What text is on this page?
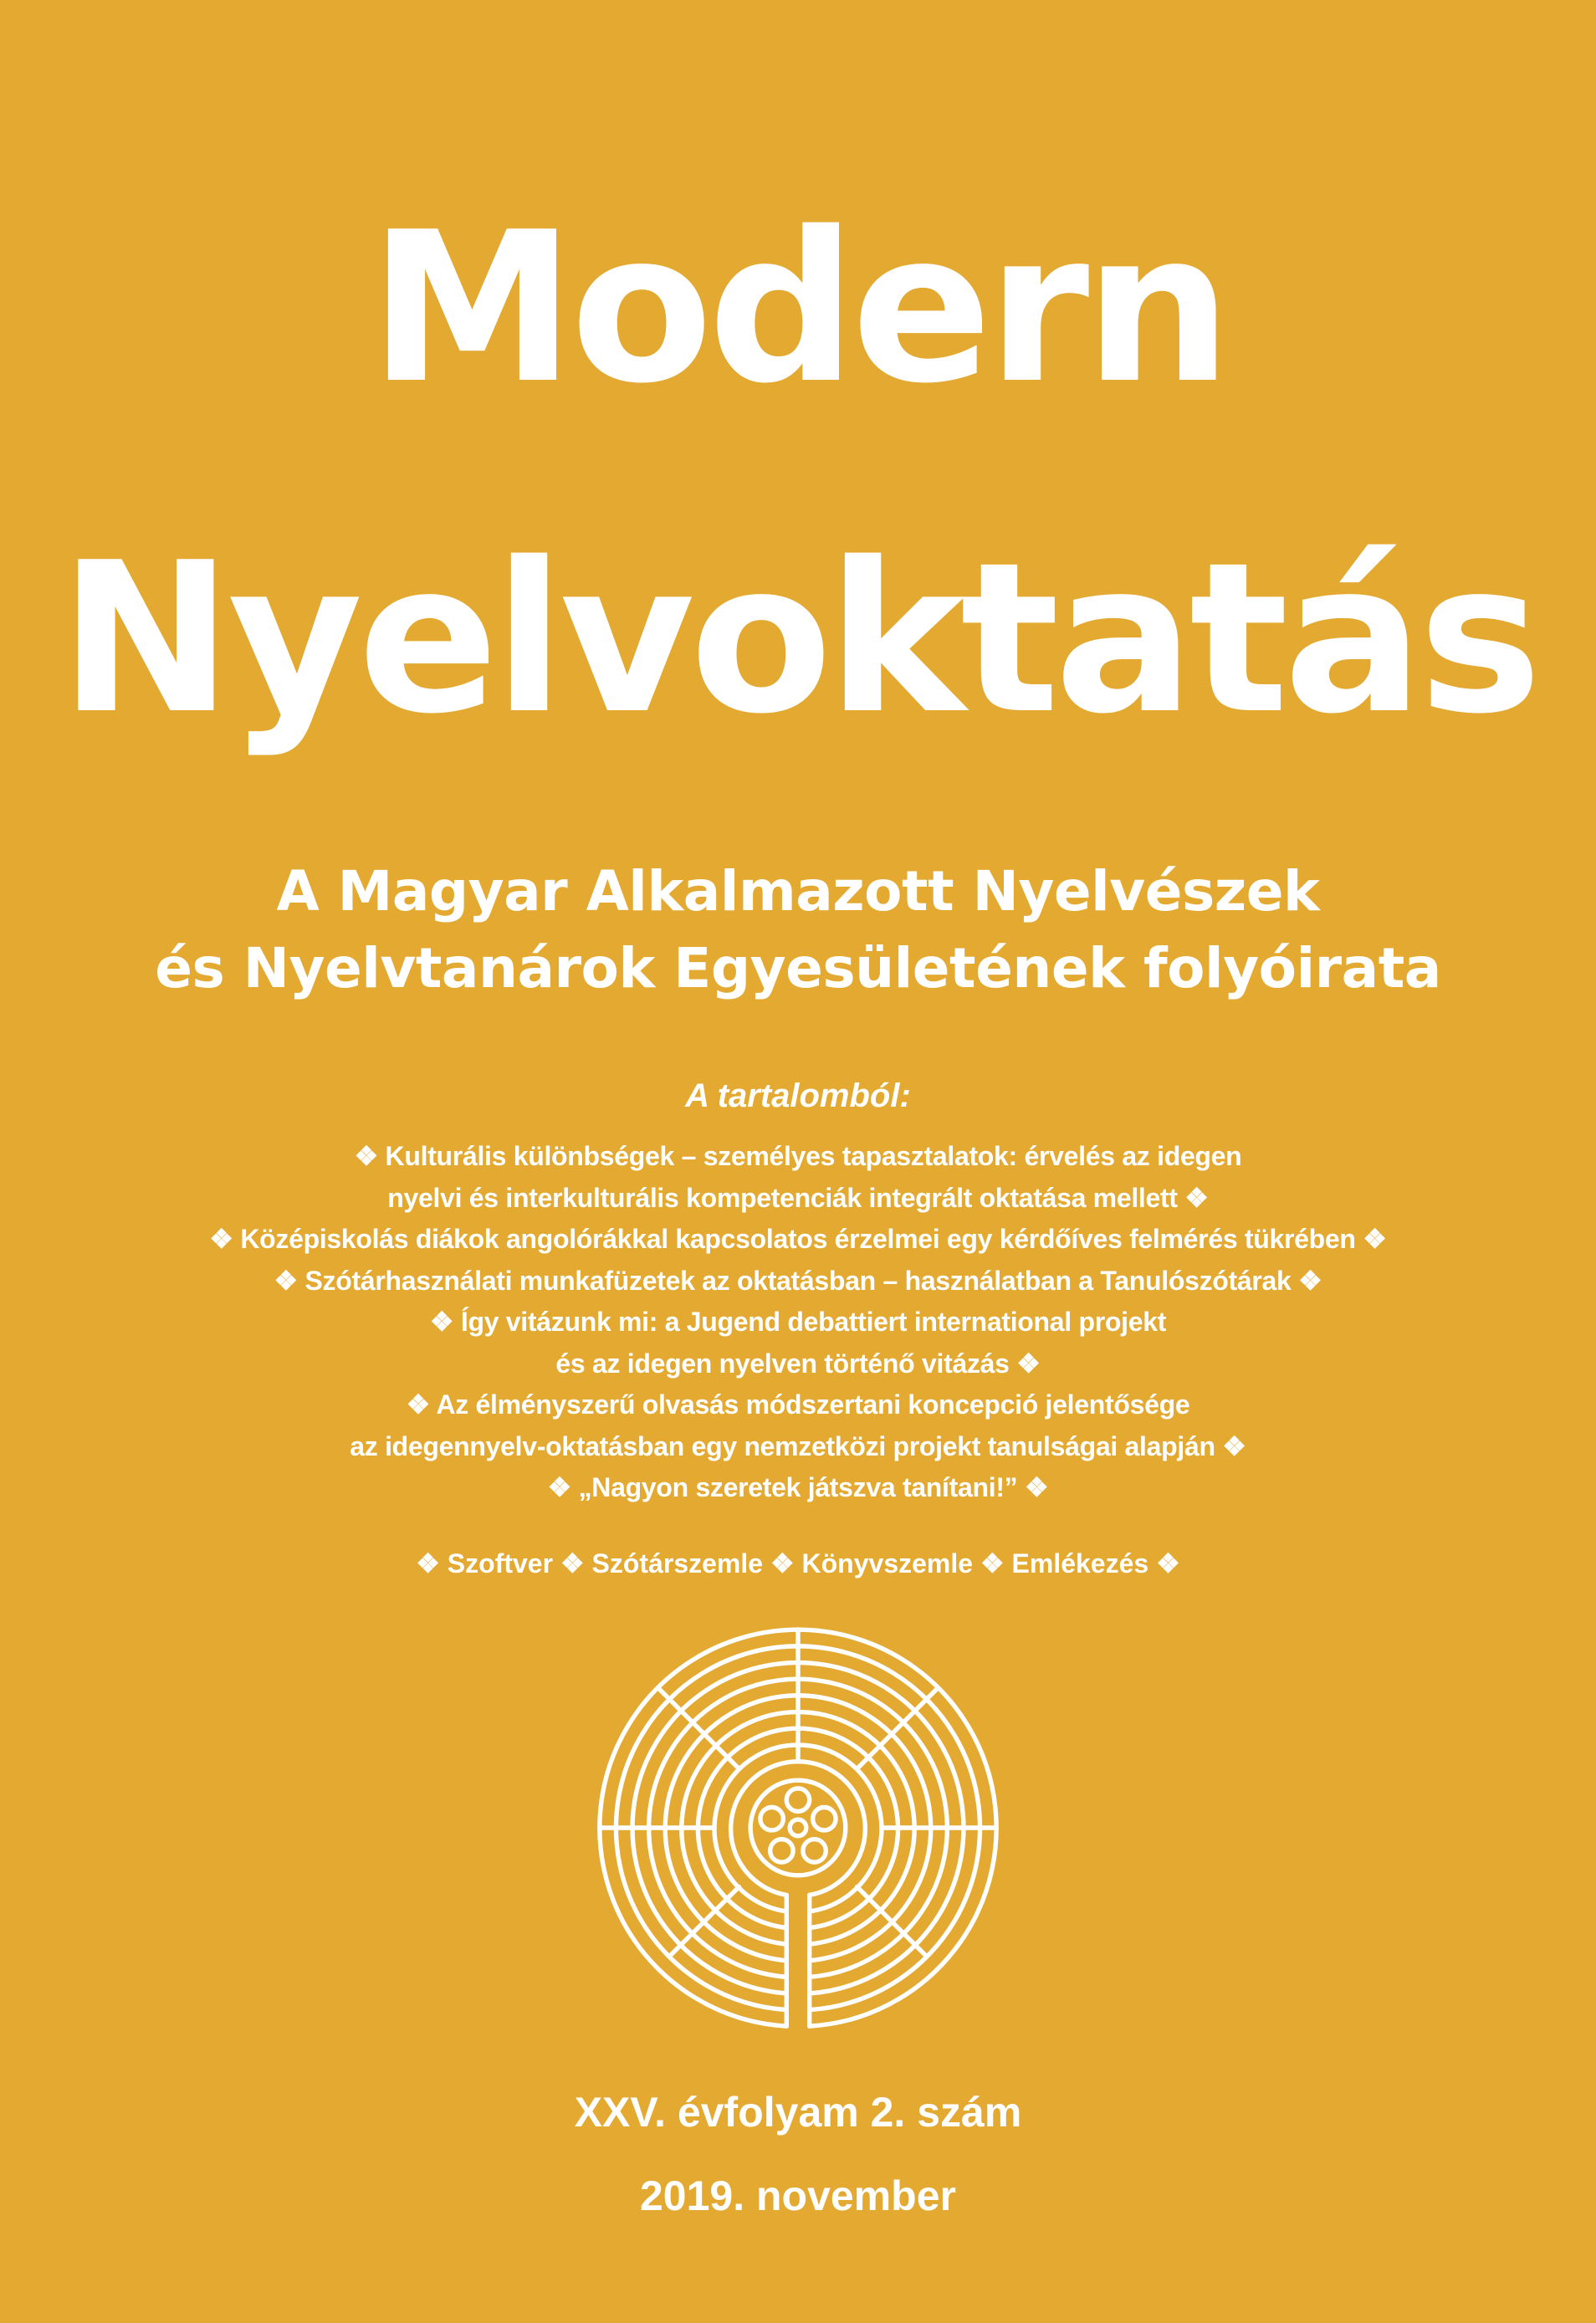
Modern
Nyelvoktatás
A Magyar Alkalmazott Nyelvészek
és Nyelvtanárok Egyesületének folyóirata
A tartalomból:
❖ Kulturális különbségek – személyes tapasztalatok: érvelés az idegen
nyelvi és interkulturális kompetenciák integrált oktatása mellett ❖
❖ Középiskolás diákok angolórákkal kapcsolatos érzelmei egy kérdőíves felmérés tükrében ❖
❖ Szótárhasználati munkafüzetek az oktatásban – használatban a Tanulószótárak ❖
❖ Így vitázunk mi: a Jugend debattiert international projekt
és az idegen nyelven történő vitázás ❖
❖ Az élményszerű olvasás módszertani koncepció jelentősége
az idegennyelv-oktatásban egy nemzetközi projekt tanulságai alapján ❖
❖ „Nagyon szeretek játszva tanítani!” ❖
❖ Szoftver ❖ Szótárszemle ❖ Könyvszemle ❖ Emlékezés ❖
XXV. évfolyam 2. szám
2019. november
